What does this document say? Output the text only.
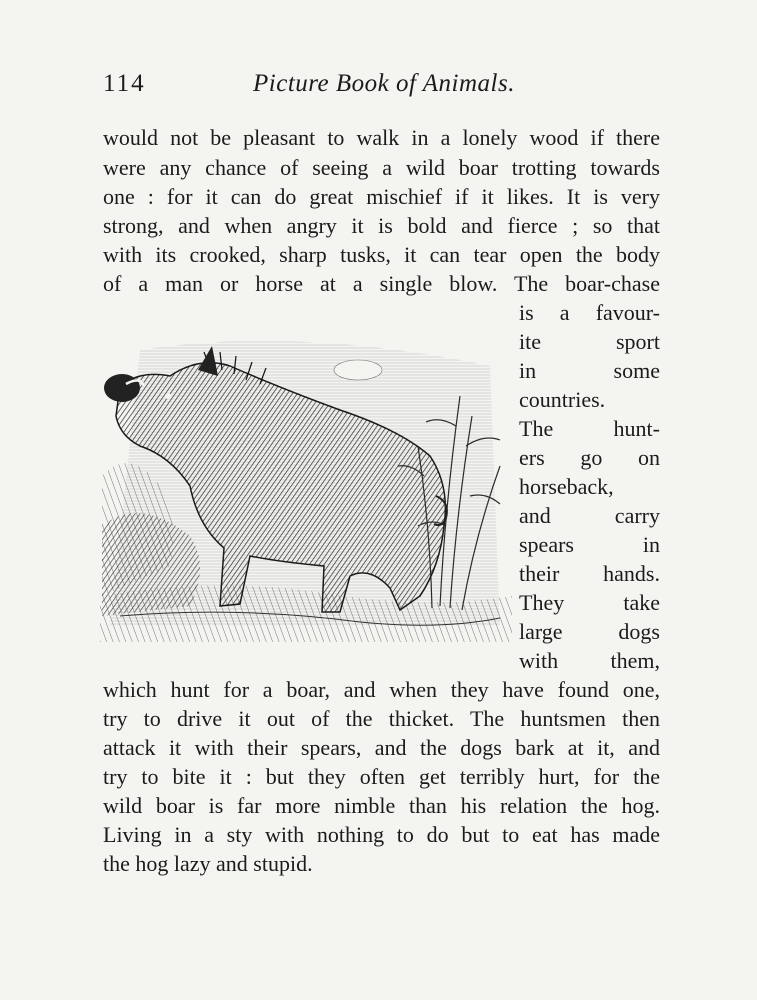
114	Picture Book of Animals.
would not be pleasant to walk in a lonely wood if there
were any chance of seeing a wild boar trotting towards
one : for it can do great mischief if it likes. It is very
strong, and when angry it is bold and fierce ; so that
with its crooked, sharp tusks, it can tear open the body
of a man or horse at a single blow. The boar-chase
is a favour-
ite sport
in some
countries.
The hunt-
ers go on
horseback,
and carry
spears in
their hands.
They take
large dogs
with them,
which hunt for a boar, and when they have found one,
try to drive it out of the thicket. The huntsmen then
attack it with their spears, and the dogs bark at it, and
try to bite it : but they often get terribly hurt, for the
wild boar is far more nimble than his relation the hog.
Living in a sty with nothing to do but to eat has made
the hog lazy and stupid.
